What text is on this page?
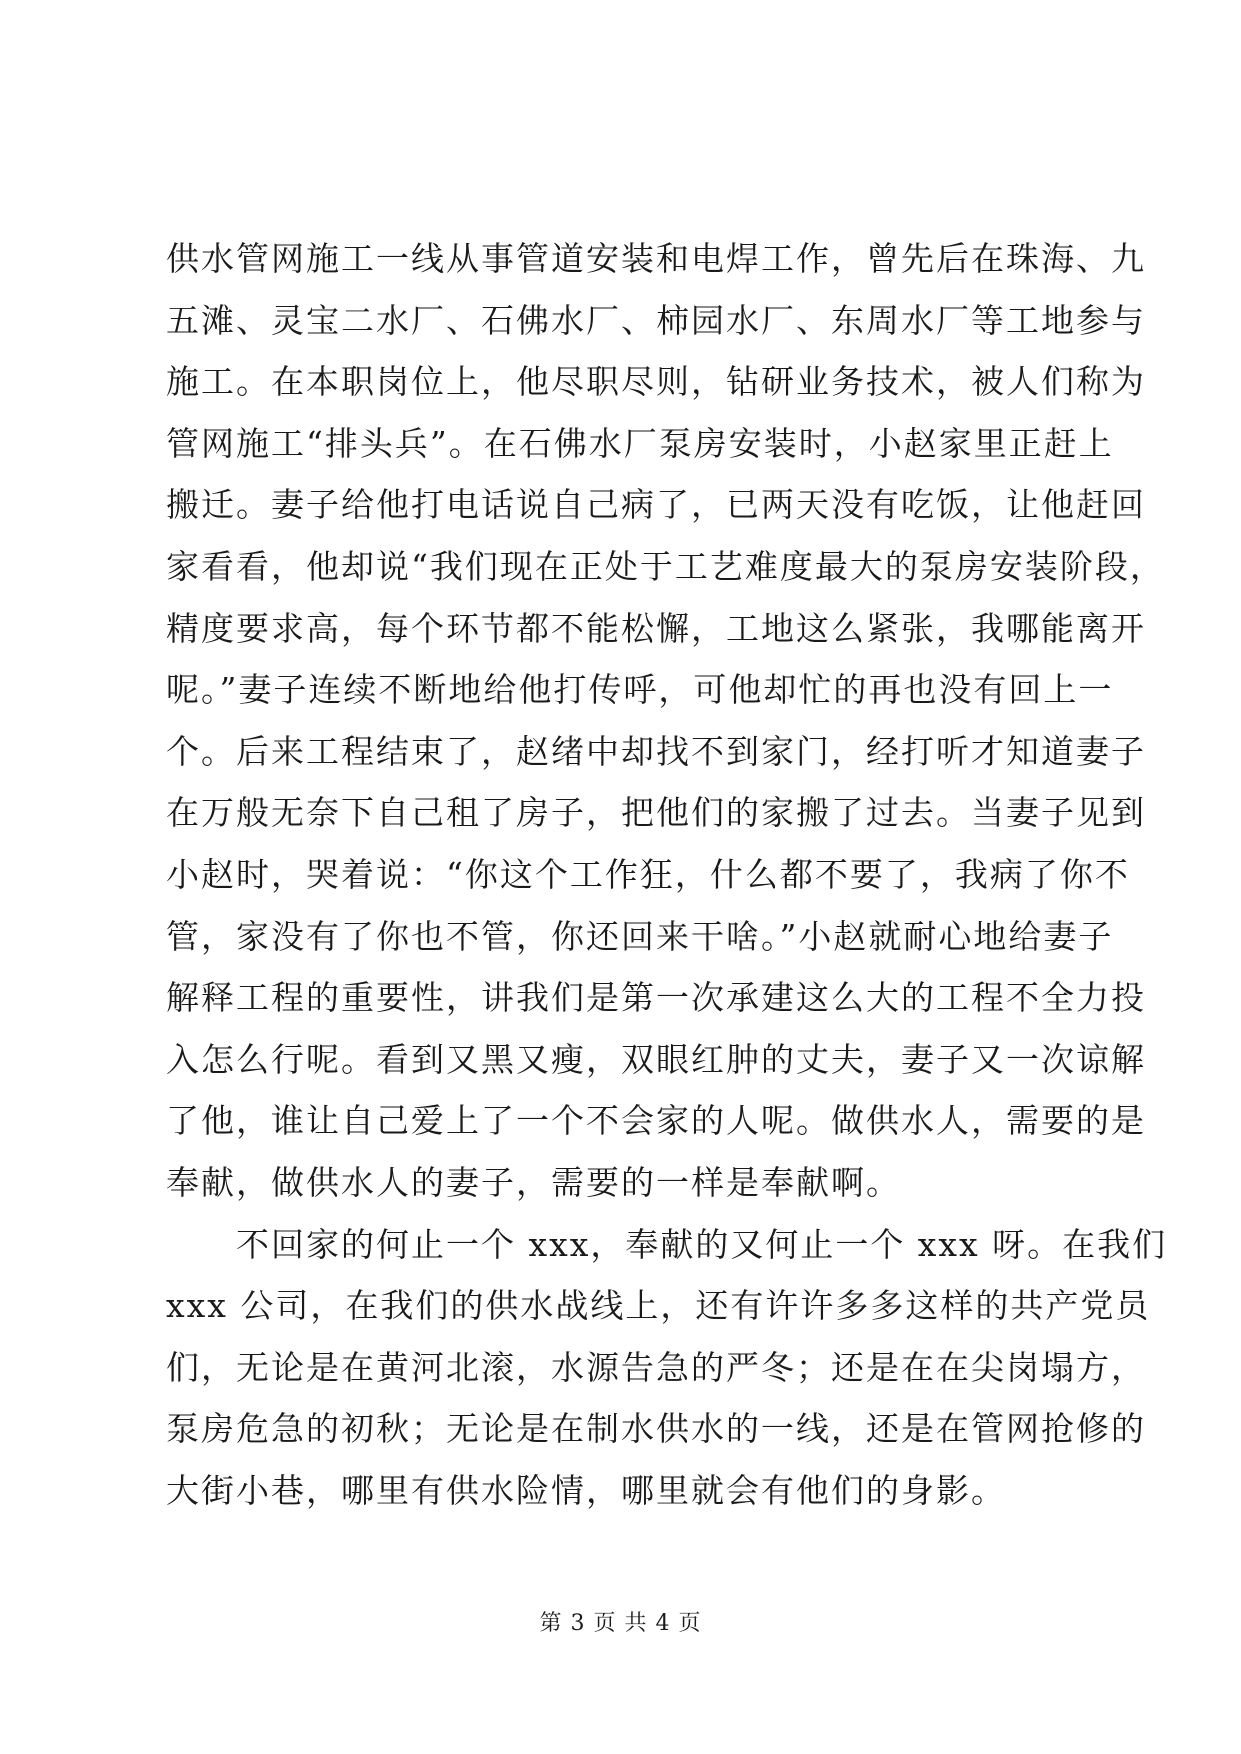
供水管网施工一线从事管道安装和电焊工作，曾先后在珠海、九
五滩、灵宝二水厂、石佛水厂、柿园水厂、东周水厂等工地参与
施工。在本职岗位上，他尽职尽则，钻研业务技术，被人们称为
管网施工“排头兵”。在石佛水厂泵房安装时，小赵家里正赶上
搬迁。妻子给他打电话说自己病了，已两天没有吃饭，让他赶回
家看看，他却说“我们现在正处于工艺难度最大的泵房安装阶段，
精度要求高，每个环节都不能松懈，工地这么紧张，我哪能离开
呢。”妻子连续不断地给他打传呼，可他却忙的再也没有回上一
个。后来工程结束了，赵绪中却找不到家门，经打听才知道妻子
在万般无奈下自己租了房子，把他们的家搬了过去。当妻子见到
小赵时，哭着说：“你这个工作狂，什么都不要了，我病了你不
管，家没有了你也不管，你还回来干啥。”小赵就耐心地给妻子
解释工程的重要性，讲我们是第一次承建这么大的工程不全力投
入怎么行呢。看到又黑又瘦，双眼红肿的丈夫，妻子又一次谅解
了他，谁让自己爱上了一个不会家的人呢。做供水人，需要的是
奉献，做供水人的妻子，需要的一样是奉献啊。
　　不回家的何止一个 xxx，奉献的又何止一个 xxx 呀。在我们
xxx 公司，在我们的供水战线上，还有许许多多这样的共产党员
们，无论是在黄河北滚，水源告急的严冬；还是在在尖岗塌方，
泵房危急的初秋；无论是在制水供水的一线，还是在管网抢修的
大街小巷，哪里有供水险情，哪里就会有他们的身影。
第 3 页 共 4 页
